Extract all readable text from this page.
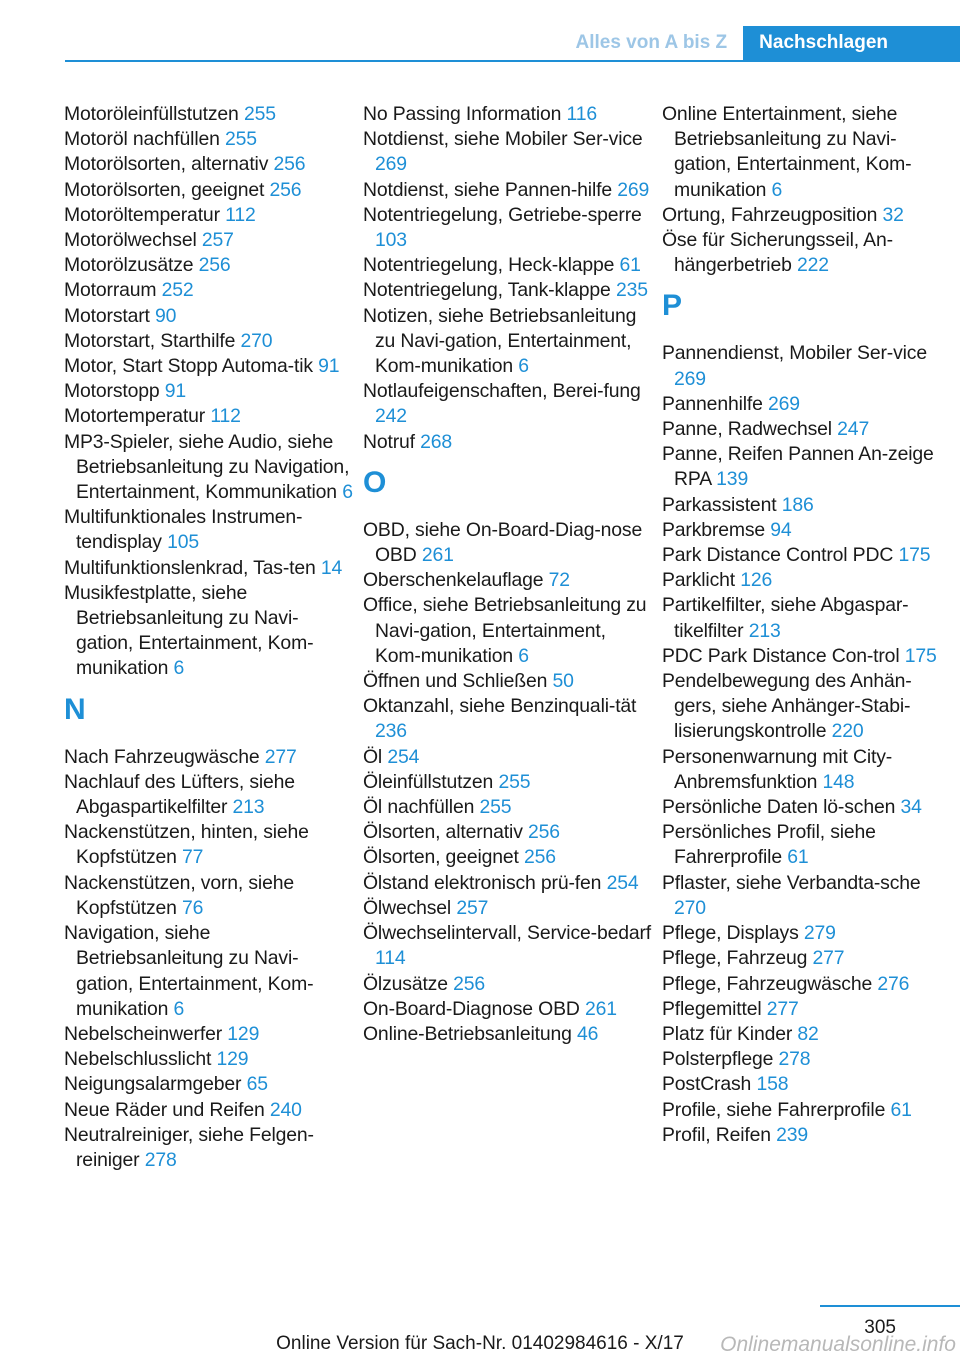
Alles von A bis Z	Nachschlagen

Motoröleinfüllstutzen 255

Motoröl nachfüllen 255

Motorölsorten, alternativ 256

Motorölsorten, geeignet 256

Motoröltemperatur 112

Motorölwechsel 257

Motorölzusätze 256

Motorraum 252

Motorstart 90

Motorstart, Starthilfe 270

Motor, Start Stopp Automa-tik 91

Motorstopp 91

Motortemperatur 112

MP3-Spieler, siehe Audio, siehe Betriebsanleitung zu Navigation, Entertainment, Kommunikation 6

Multifunktionales Instrumen-tendisplay 105

Multifunktionslenkrad, Tas-ten 14

Musikfestplatte, siehe Betriebsanleitung zu Navi-gation, Entertainment, Kom-munikation 6

N

Nach Fahrzeugwäsche 277

Nachlauf des Lüfters, siehe Abgaspartikelfilter 213

Nackenstützen, hinten, siehe Kopfstützen 77

Nackenstützen, vorn, siehe Kopfstützen 76

Navigation, siehe Betriebsanleitung zu Navi-gation, Entertainment, Kom-munikation 6

Nebelscheinwerfer 129

Nebelschlusslicht 129

Neigungsalarmgeber 65

Neue Räder und Reifen 240

Neutralreiniger, siehe Felgen-reiniger 278

No Passing Information 116

Notdienst, siehe Mobiler Ser-vice 269

Notdienst, siehe Pannen-hilfe 269

Notentriegelung, Getriebe-sperre 103

Notentriegelung, Heck-klappe 61

Notentriegelung, Tank-klappe 235

Notizen, siehe Betriebsanleitung zu Navi-gation, Entertainment, Kom-munikation 6

Notlaufeigenschaften, Berei-fung 242

Notruf 268

O

OBD, siehe On-Board-Diag-nose OBD 261

Oberschenkelauflage 72

Office, siehe Betriebsanleitung zu Navi-gation, Entertainment, Kom-munikation 6

Öffnen und Schließen 50

Oktanzahl, siehe Benzinquali-tät 236

Öl 254

Öleinfüllstutzen 255

Öl nachfüllen 255

Ölsorten, alternativ 256

Ölsorten, geeignet 256

Ölstand elektronisch prü-fen 254

Ölwechsel 257

Ölwechselintervall, Service-bedarf 114

Ölzusätze 256

On-Board-Diagnose OBD 261

Online-Betriebsanleitung 46

Online Entertainment, siehe Betriebsanleitung zu Navi-gation, Entertainment, Kom-munikation 6

Ortung, Fahrzeugposition 32

Öse für Sicherungsseil, An-hängerbetrieb 222

P

Pannendienst, Mobiler Ser-vice 269

Pannenhilfe 269

Panne, Radwechsel 247

Panne, Reifen Pannen An-zeige RPA 139

Parkassistent 186

Parkbremse 94

Park Distance Control PDC 175

Parklicht 126

Partikelfilter, siehe Abgaspar-tikelfilter 213

PDC Park Distance Con-trol 175

Pendelbewegung des Anhän-gers, siehe Anhänger-Stabi-lisierungskontrolle 220

Personenwarnung mit City-Anbremsfunktion 148

Persönliche Daten lö-schen 34

Persönliches Profil, siehe Fahrerprofile 61

Pflaster, siehe Verbandta-sche 270

Pflege, Displays 279

Pflege, Fahrzeug 277

Pflege, Fahrzeugwäsche 276

Pflegemittel 277

Platz für Kinder 82

Polsterpflege 278

PostCrash 158

Profile, siehe Fahrerprofile 61

Profil, Reifen 239

305
Online Version für Sach-Nr. 01402984616 - X/17	Onlinemanualsonline.info
